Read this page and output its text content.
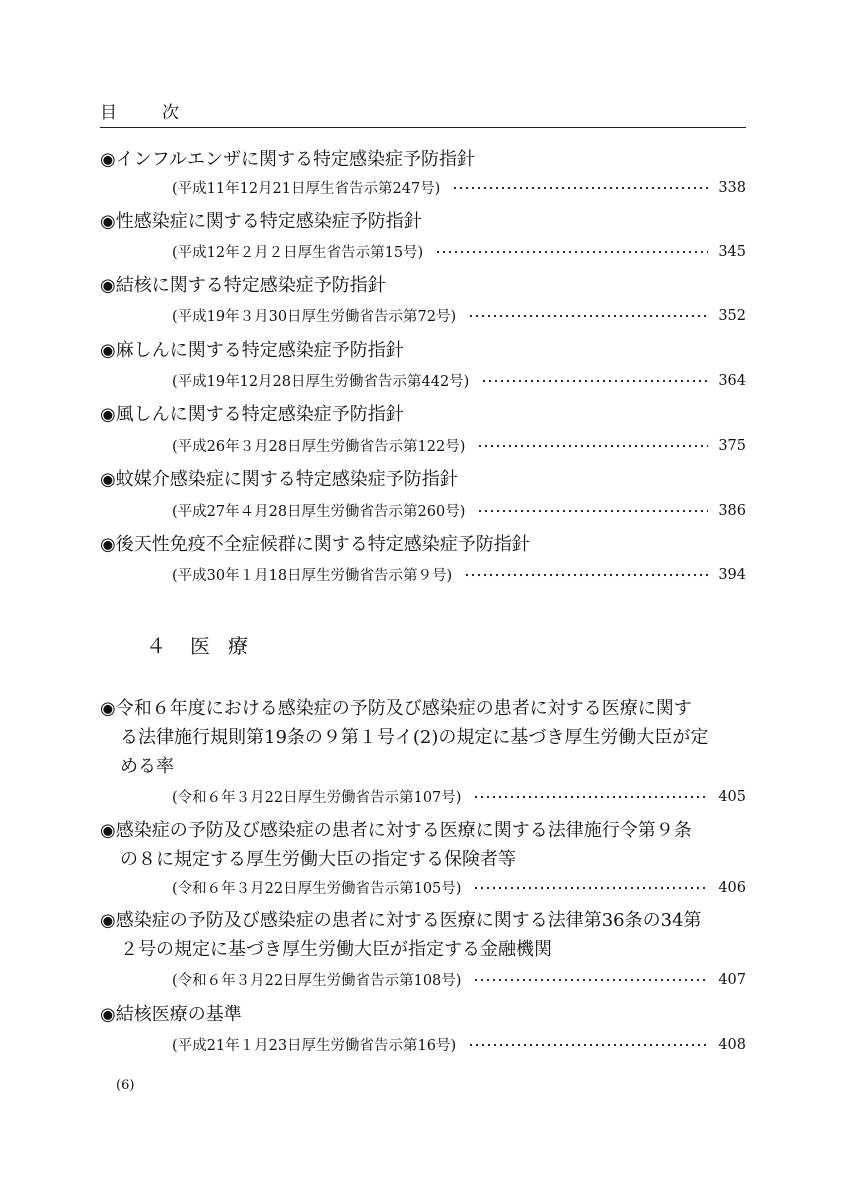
目　次
◉インフルエンザに関する特定感染症予防指針
(平成11年12月21日厚生省告示第247号)	338
◉性感染症に関する特定感染症予防指針
(平成12年２月２日厚生省告示第15号)	345
◉結核に関する特定感染症予防指針
(平成19年３月30日厚生労働省告示第72号)	352
◉麻しんに関する特定感染症予防指針
(平成19年12月28日厚生労働省告示第442号)	364
◉風しんに関する特定感染症予防指針
(平成26年３月28日厚生労働省告示第122号)	375
◉蚊媒介感染症に関する特定感染症予防指針
(平成27年４月28日厚生労働省告示第260号)	386
◉後天性免疫不全症候群に関する特定感染症予防指針
(平成30年１月18日厚生労働省告示第９号)	394
４ 医療
◉令和６年度における感染症の予防及び感染症の患者に対する医療に関す
る法律施行規則第19条の９第１号イ(2)の規定に基づき厚生労働大臣が定
める率
(令和６年３月22日厚生労働省告示第107号)	405
◉感染症の予防及び感染症の患者に対する医療に関する法律施行令第９条
の８に規定する厚生労働大臣の指定する保険者等
(令和６年３月22日厚生労働省告示第105号)	406
◉感染症の予防及び感染症の患者に対する医療に関する法律第36条の34第
２号の規定に基づき厚生労働大臣が指定する金融機関
(令和６年３月22日厚生労働省告示第108号)	407
◉結核医療の基準
(平成21年１月23日厚生労働省告示第16号)	408
(6)
